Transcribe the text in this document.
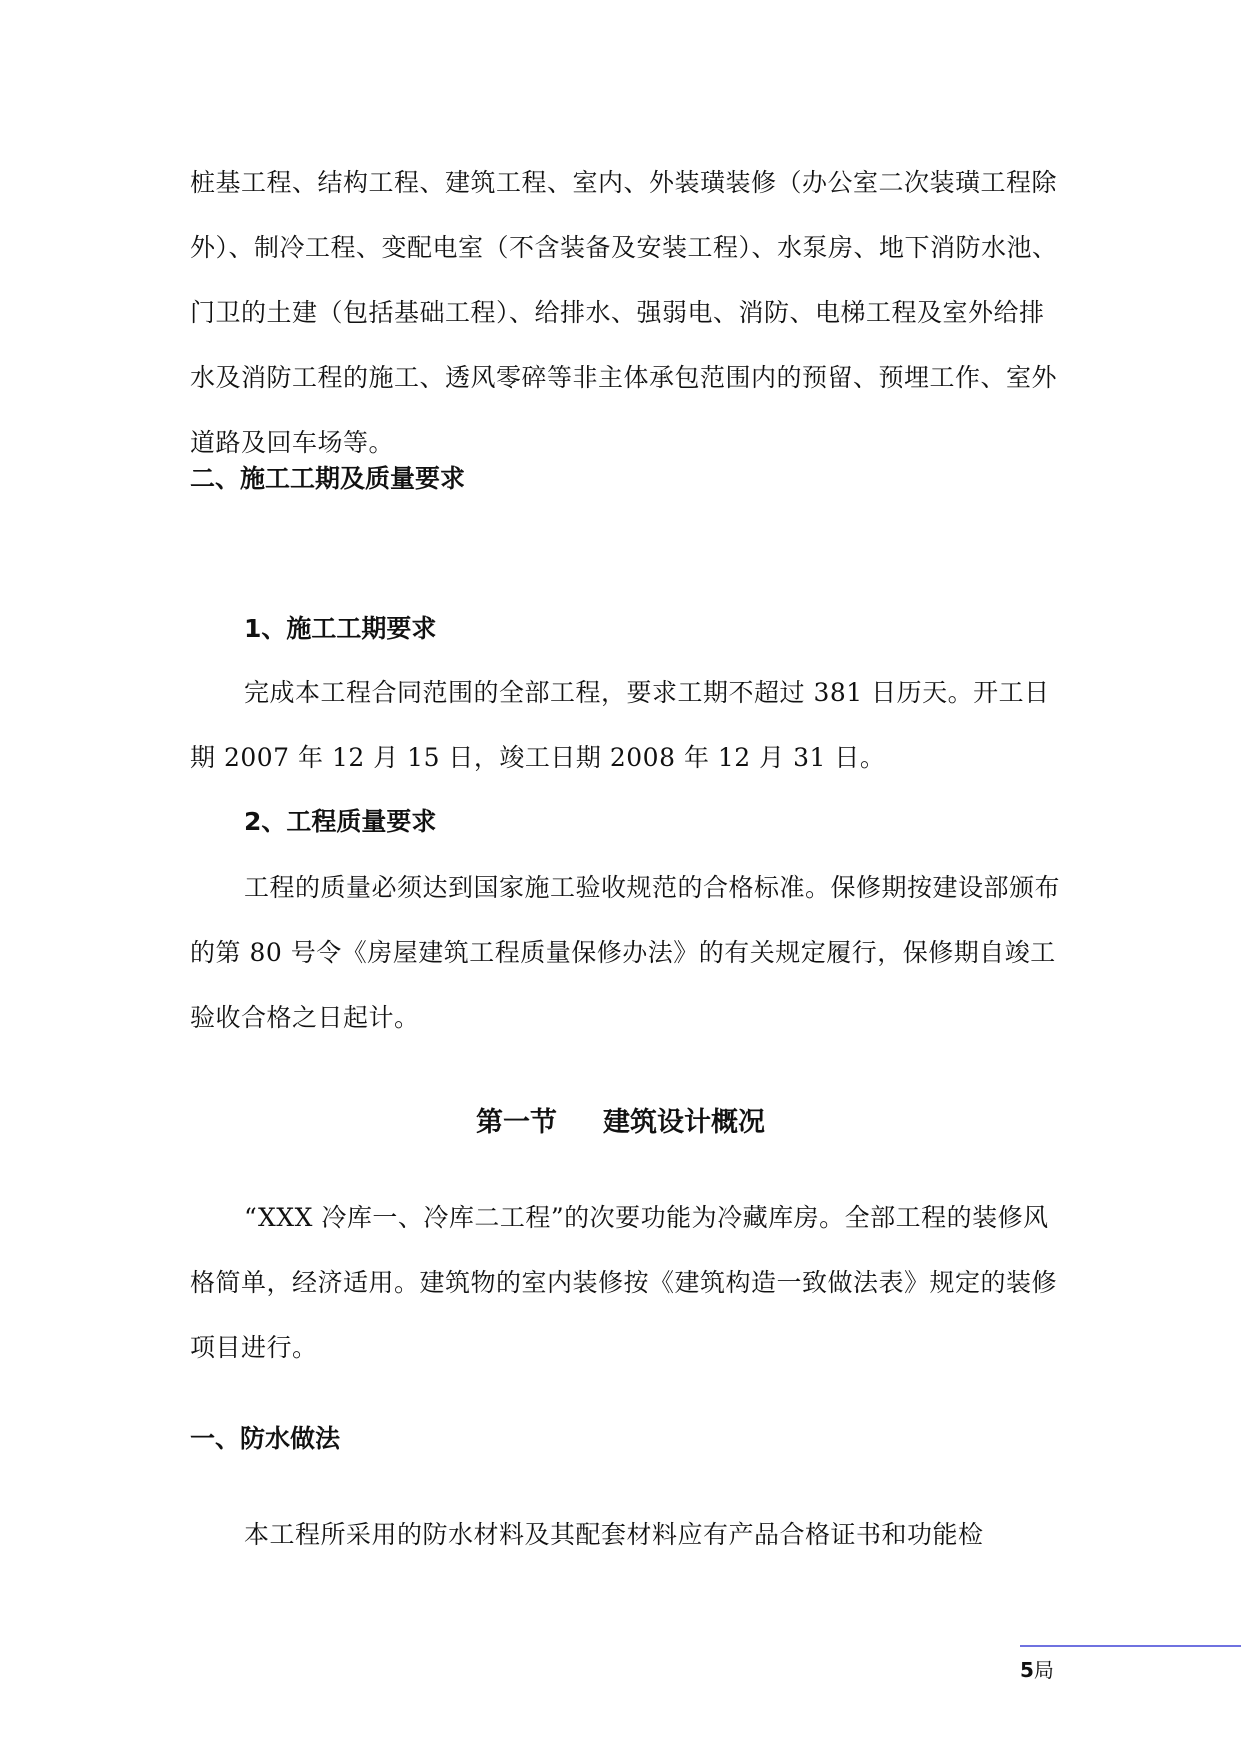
桩基工程、结构工程、建筑工程、室内、外装璜装修（办公室二次装璜工程除外）、制冷工程、变配电室（不含装备及安装工程）、水泵房、地下消防水池、门卫的土建（包括基础工程）、给排水、强弱电、消防、电梯工程及室外给排水及消防工程的施工、透风零碎等非主体承包范围内的预留、预埋工作、室外道路及回车场等。

二、施工工期及质量要求
1、施工工期要求

完成本工程合同范围的全部工程，要求工期不超过 381 日历天。开工日期 2007 年 12 月 15 日，竣工日期 2008 年 12 月 31 日。

2、工程质量要求

工程的质量必须达到国家施工验收规范的合格标准。保修期按建设部颁布的第 80 号令《房屋建筑工程质量保修办法》的有关规定履行，保修期自竣工验收合格之日起计。

第一节 建筑设计概况

“XXX 冷库一、冷库二工程”的次要功能为冷藏库房。全部工程的装修风格简单，经济适用。建筑物的室内装修按《建筑构造一致做法表》规定的装修项目进行。

一、防水做法

本工程所采用的防水材料及其配套材料应有产品合格证书和功能检

5局
